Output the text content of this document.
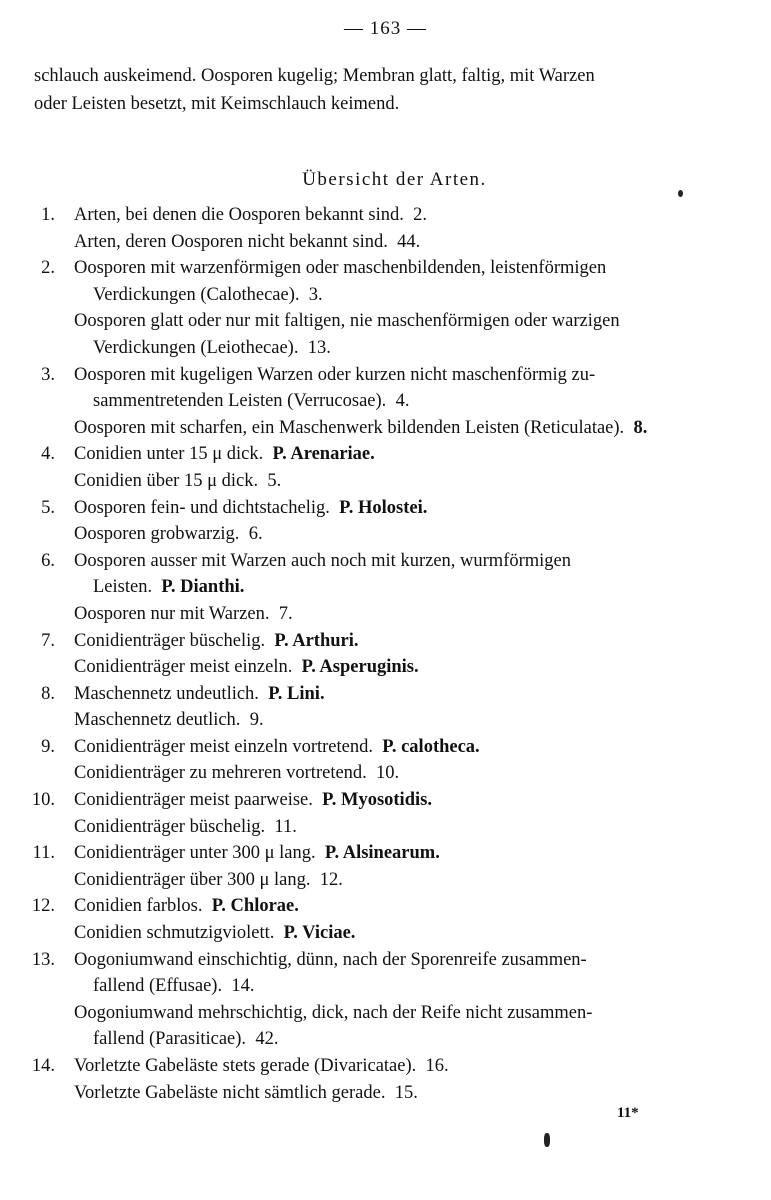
— 163 —

schlauch auskeimend. Oosporen kugelig; Membran glatt, faltig, mit Warzen
oder Leisten besetzt, mit Keimschlauch keimend.

Übersicht der Arten.
1. Arten, bei denen die Oosporen bekannt sind. 2.
Arten, deren Oosporen nicht bekannt sind. 44.
2. Oosporen mit warzenförmigen oder maschenbildenden, leistenförmigen
Verdickungen (Calothecae). 3.
Oosporen glatt oder nur mit faltigen, nie maschenförmigen oder warzigen
Verdickungen (Leiothecae). 13.
3. Oosporen mit kugeligen Warzen oder kurzen nicht maschenförmig zu-
sammentretenden Leisten (Verrucosae). 4.
Oosporen mit scharfen, ein Maschenwerk bildenden Leisten (Reticulatae). 8.
4. Conidien unter 15 μ dick. P. Arenariae.
Conidien über 15 μ dick. 5.
5. Oosporen fein- und dichtstachelig. P. Holostei.
Oosporen grobwarzig. 6.
6. Oosporen ausser mit Warzen auch noch mit kurzen, wurmförmigen
Leisten. P. Dianthi.
Oosporen nur mit Warzen. 7.
7. Conidienträger büschelig. P. Arthuri.
Conidienträger meist einzeln. P. Asperuginis.
8. Maschennetz undeutlich. P. Lini.
Maschennetz deutlich. 9.
9. Conidienträger meist einzeln vortretend. P. calotheca.
Conidienträger zu mehreren vortretend. 10.
10. Conidienträger meist paarweise. P. Myosotidis.
Conidienträger büschelig. 11.
11. Conidienträger unter 300 μ lang. P. Alsinearum.
Conidienträger über 300 μ lang. 12.
12. Conidien farblos. P. Chlorae.
Conidien schmutzigviolett. P. Viciae.
13. Oogoniumwand einschichtig, dünn, nach der Sporenreife zusammen-
fallend (Effusae). 14.
Oogoniumwand mehrschichtig, dick, nach der Reife nicht zusammen-
fallend (Parasiticae). 42.
14. Vorletzte Gabeläste stets gerade (Divaricatae). 16.
Vorletzte Gabeläste nicht sämtlich gerade. 15.
11*
